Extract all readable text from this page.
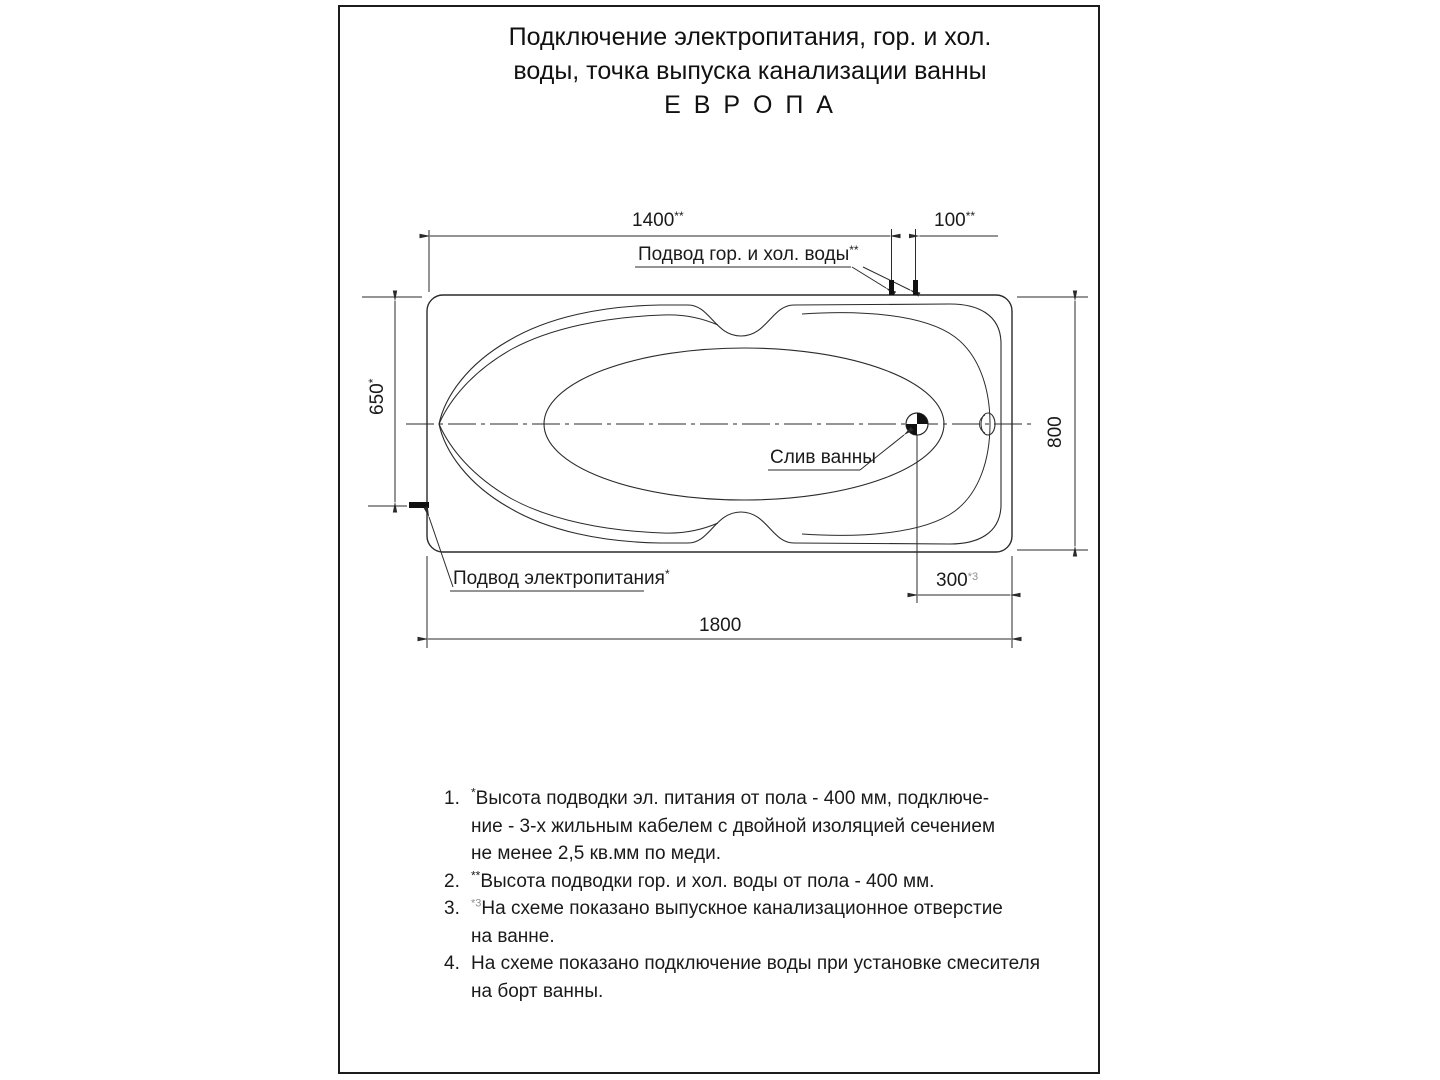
Подключение электропитания, гор. и хол.
воды, точка выпуска канализации ванны
Е В Р О П А
1400**	100**
Подвод гор. и хол. воды**
650*
800
Слив ванны
Подвод электропитания*	300$^{*3}$
1800
1. *Высота подводки эл. питания от пола - 400 мм, подключе-
ние - 3-х жильным кабелем с двойной изоляцией сечением
не менее 2,5 кв.мм по меди.
2. **Высота подводки гор. и хол. воды от пола - 400 мм.
3.	$^{*3}$На схеме показано выпускное канализационное отверстие
на ванне.
4. На схеме показано подключение воды при установке смесителя
на борт ванны.
